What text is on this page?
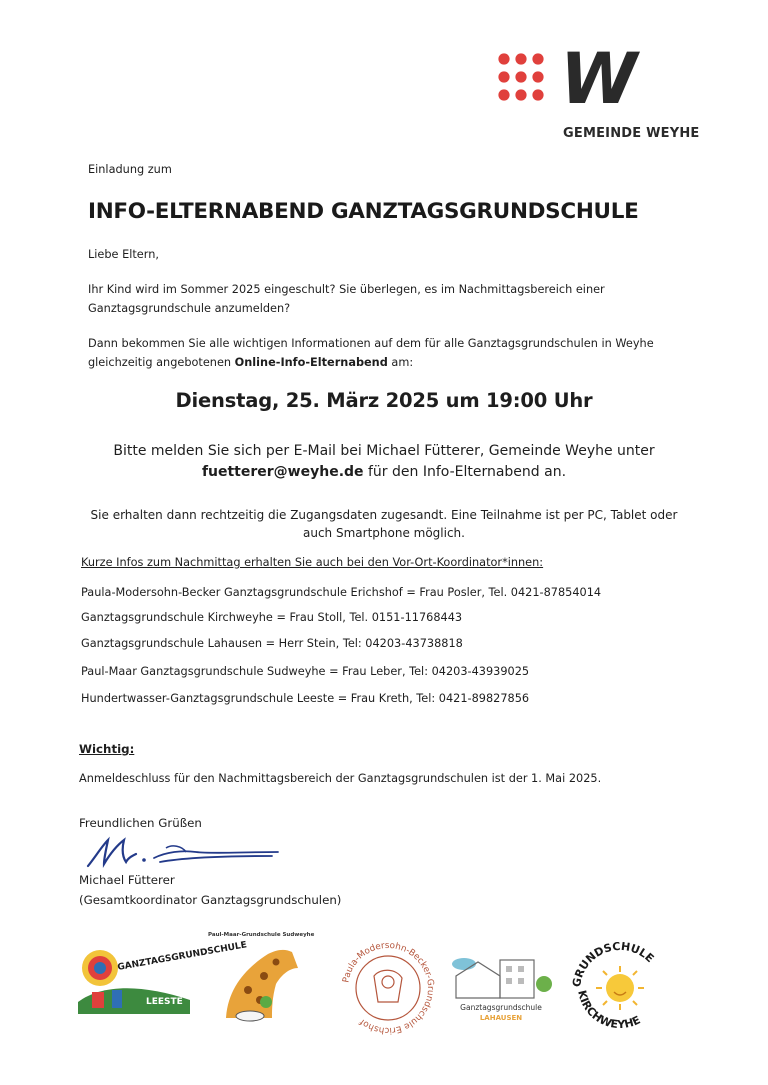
W
GEMEINDE WEYHE
Einladung zum
INFO-ELTERNABEND GANZTAGSGRUNDSCHULE
Liebe Eltern,
Ihr Kind wird im Sommer 2025 eingeschult? Sie überlegen, es im Nachmittagsbereich einer
Ganztagsgrundschule anzumelden?
Dann bekommen Sie alle wichtigen Informationen auf dem für alle Ganztagsgrundschulen in Weyhe
gleichzeitig angebotenen Online-Info-Elternabend am:
Dienstag, 25. März 2025 um 19:00 Uhr
Bitte melden Sie sich per E-Mail bei Michael Fütterer, Gemeinde Weyhe unter
fuetterer@weyhe.de für den Info-Elternabend an.
Sie erhalten dann rechtzeitig die Zugangsdaten zugesandt. Eine Teilnahme ist per PC, Tablet oder
auch Smartphone möglich.
Kurze Infos zum Nachmittag erhalten Sie auch bei den Vor-Ort-Koordinator*innen:
Paula-Modersohn-Becker Ganztagsgrundschule Erichshof = Frau Posler, Tel. 0421-87854014
Ganztagsgrundschule Kirchweyhe = Frau Stoll, Tel. 0151-11768443
Ganztagsgrundschule Lahausen = Herr Stein, Tel: 04203-43738818
Paul-Maar Ganztagsgrundschule Sudweyhe = Frau Leber, Tel: 04203-43939025
Hundertwasser-Ganztagsgrundschule Leeste = Frau Kreth, Tel: 0421-89827856
Wichtig:
Anmeldeschluss für den Nachmittagsbereich der Ganztagsgrundschulen ist der 1. Mai 2025.
Freundlichen Grüßen
Michael Fütterer
(Gesamtkoordinator Ganztagsgrundschulen)
GANZTAGSGRUNDSCHULE
LEESTE
Paul-Maar-Grundschule Sudweyhe
Paula-Modersohn-Becker-Grundschule Erichshof
Ganztagsgrundschule
LAHAUSEN
GRUNDSCHULE
KIRCHWEYHE
